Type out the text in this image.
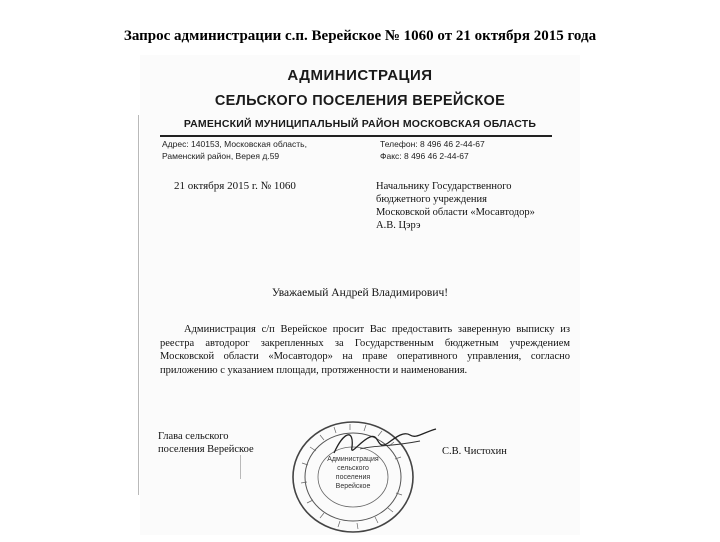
Запрос администрации с.п. Верейское № 1060 от 21 октября 2015 года
АДМИНИСТРАЦИЯ
СЕЛЬСКОГО ПОСЕЛЕНИЯ ВЕРЕЙСКОЕ
РАМЕНСКИЙ МУНИЦИПАЛЬНЫЙ РАЙОН МОСКОВСКАЯ ОБЛАСТЬ
Адрес: 140153, Московская область,
Раменский район, Верея д.59
Телефон: 8 496 46 2-44-67
Факс: 8 496 46 2-44-67
21 октября 2015 г. № 1060	Начальнику Государственного
бюджетного учреждения
Московской области «Мосавтодор»
А.В. Цэрэ
Уважаемый Андрей Владимирович!
Администрация с/п Верейское просит Вас предоставить заверенную выписку из реестра автодорог закрепленных за Государственным бюджетным учреждением Московской области «Мосавтодор» на праве оперативного управления, согласно приложению с указанием площади, протяженности и наименования.
Глава сельского
поселения Верейское
Администрация
сельского
поселения
Верейское
С.В. Чистохин
